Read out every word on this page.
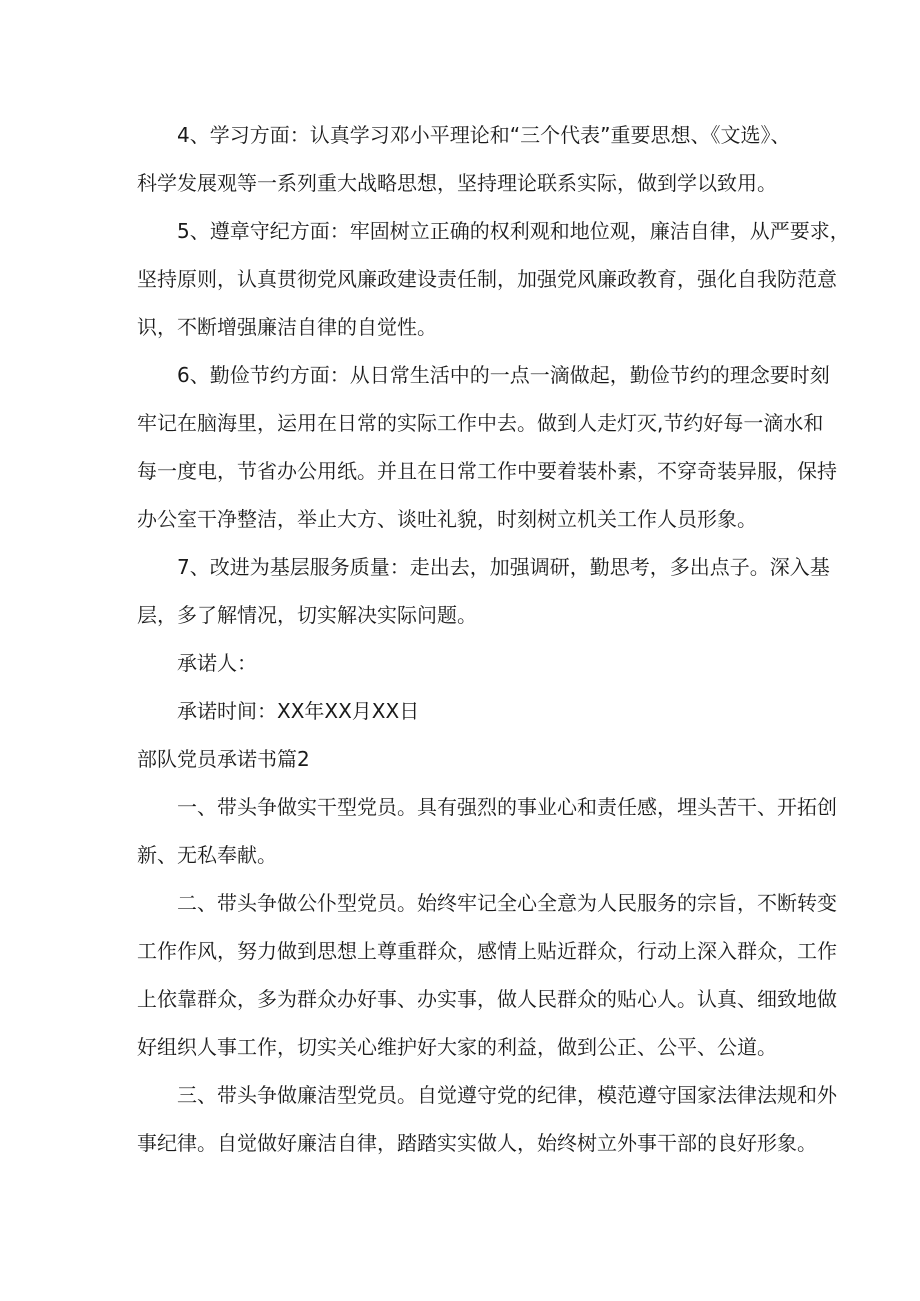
4、学习方面：认真学习邓小平理论和“三个代表”重要思想、《文选》、
科学发展观等一系列重大战略思想，坚持理论联系实际，做到学以致用。
5、遵章守纪方面：牢固树立正确的权利观和地位观，廉洁自律，从严要求，
坚持原则，认真贯彻党风廉政建设责任制，加强党风廉政教育，强化自我防范意
识，不断增强廉洁自律的自觉性。
6、勤俭节约方面：从日常生活中的一点一滴做起，勤俭节约的理念要时刻
牢记在脑海里，运用在日常的实际工作中去。做到人走灯灭,节约好每一滴水和
每一度电，节省办公用纸。并且在日常工作中要着装朴素，不穿奇装异服，保持
办公室干净整洁，举止大方、谈吐礼貌，时刻树立机关工作人员形象。
7、改进为基层服务质量：走出去，加强调研，勤思考，多出点子。深入基
层，多了解情况，切实解决实际问题。
承诺人：
承诺时间：XX年XX月XX日
部队党员承诺书篇2
一、带头争做实干型党员。具有强烈的事业心和责任感，埋头苦干、开拓创
新、无私奉献。
二、带头争做公仆型党员。始终牢记全心全意为人民服务的宗旨，不断转变
工作作风，努力做到思想上尊重群众，感情上贴近群众，行动上深入群众，工作
上依靠群众，多为群众办好事、办实事，做人民群众的贴心人。认真、细致地做
好组织人事工作，切实关心维护好大家的利益，做到公正、公平、公道。
三、带头争做廉洁型党员。自觉遵守党的纪律，模范遵守国家法律法规和外
事纪律。自觉做好廉洁自律，踏踏实实做人，始终树立外事干部的良好形象。
